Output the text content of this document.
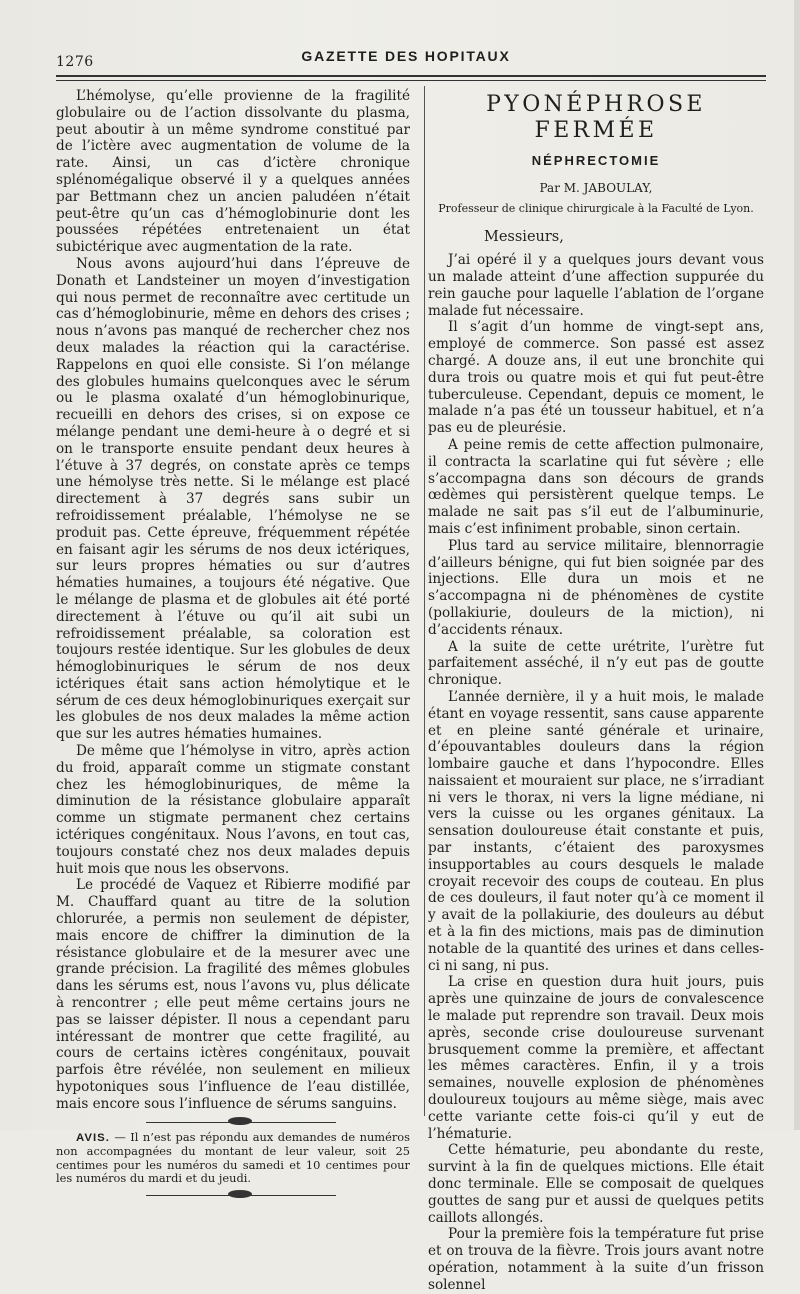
1276	GAZETTE DES HOPITAUX

L’hémolyse, qu’elle provienne de la fragilité globulaire ou de l’action dissolvante du plasma, peut aboutir à un même syndrome constitué par de l’ictère avec augmentation de volume de la rate. Ainsi, un cas d’ictère chronique splénomégalique observé il y a quelques années par Bettmann chez un ancien paludéen n’était peut-être qu’un cas d’hémoglobinurie dont les poussées répétées entretenaient un état subictérique avec augmentation de la rate.

Nous avons aujourd’hui dans l’épreuve de Donath et Landsteiner un moyen d’investigation qui nous permet de reconnaître avec certitude un cas d’hémoglobinurie, même en dehors des crises ; nous n’avons pas manqué de rechercher chez nos deux malades la réaction qui la caractérise. Rappelons en quoi elle consiste. Si l’on mélange des globules humains quelconques avec le sérum ou le plasma oxalaté d’un hémoglobinurique, recueilli en dehors des crises, si on expose ce mélange pendant une demi-heure à o degré et si on le transporte ensuite pendant deux heures à l’étuve à 37 degrés, on constate après ce temps une hémolyse très nette. Si le mélange est placé directement à 37 degrés sans subir un refroidissement préalable, l’hémolyse ne se produit pas. Cette épreuve, fréquemment répétée en faisant agir les sérums de nos deux ictériques, sur leurs propres hématies ou sur d’autres hématies humaines, a toujours été négative. Que le mélange de plasma et de globules ait été porté directement à l’étuve ou qu’il ait subi un refroidissement préalable, sa coloration est toujours restée identique. Sur les globules de deux hémoglobinuriques le sérum de nos deux ictériques était sans action hémolytique et le sérum de ces deux hémoglobinuriques exerçait sur les globules de nos deux malades la même action que sur les autres hématies humaines.

De même que l’hémolyse in vitro, après action du froid, apparaît comme un stigmate constant chez les hémoglobinuriques, de même la diminution de la résistance globulaire apparaît comme un stigmate permanent chez certains ictériques congénitaux. Nous l’avons, en tout cas, toujours constaté chez nos deux malades depuis huit mois que nous les observons.

Le procédé de Vaquez et Ribierre modifié par M. Chauffard quant au titre de la solution chlorurée, a permis non seulement de dépister, mais encore de chiffrer la diminution de la résistance globulaire et de la mesurer avec une grande précision. La fragilité des mêmes globules dans les sérums est, nous l’avons vu, plus délicate à rencontrer ; elle peut même certains jours ne pas se laisser dépister. Il nous a cependant paru intéressant de montrer que cette fragilité, au cours de certains ictères congénitaux, pouvait parfois être révélée, non seulement en milieux hypotoniques sous l’influence de l’eau distillée, mais encore sous l’influence de sérums sanguins.

AVIS. — Il n’est pas répondu aux demandes de numéros non accompagnées du montant de leur valeur, soit 25 centimes pour les numéros du samedi et 10 centimes pour les numéros du mardi et du jeudi.

PYONÉPHROSE FERMÉE
NÉPHRECTOMIE
Par M. JABOULAY,
Professeur de clinique chirurgicale à la Faculté de Lyon.

Messieurs,

J’ai opéré il y a quelques jours devant vous un malade atteint d’une affection suppurée du rein gauche pour laquelle l’ablation de l’organe malade fut nécessaire.

Il s’agit d’un homme de vingt-sept ans, employé de commerce. Son passé est assez chargé. A douze ans, il eut une bronchite qui dura trois ou quatre mois et qui fut peut-être tuberculeuse. Cependant, depuis ce moment, le malade n’a pas été un tousseur habituel, et n’a pas eu de pleurésie.

A peine remis de cette affection pulmonaire, il contracta la scarlatine qui fut sévère ; elle s’accompagna dans son décours de grands œdèmes qui persistèrent quelque temps. Le malade ne sait pas s’il eut de l’albuminurie, mais c’est infiniment probable, sinon certain.

Plus tard au service militaire, blennorragie d’ailleurs bénigne, qui fut bien soignée par des injections. Elle dura un mois et ne s’accompagna ni de phénomènes de cystite (pollakiurie, douleurs de la miction), ni d’accidents rénaux.

A la suite de cette urétrite, l’urètre fut parfaitement asséché, il n’y eut pas de goutte chronique.

L’année dernière, il y a huit mois, le malade étant en voyage ressentit, sans cause apparente et en pleine santé générale et urinaire, d’épouvantables douleurs dans la région lombaire gauche et dans l’hypocondre. Elles naissaient et mouraient sur place, ne s’irradiant ni vers le thorax, ni vers la ligne médiane, ni vers la cuisse ou les organes génitaux. La sensation douloureuse était constante et puis, par instants, c’étaient des paroxysmes insupportables au cours desquels le malade croyait recevoir des coups de couteau. En plus de ces douleurs, il faut noter qu’à ce moment il y avait de la pollakiurie, des douleurs au début et à la fin des mictions, mais pas de diminution notable de la quantité des urines et dans celles-ci ni sang, ni pus.

La crise en question dura huit jours, puis après une quinzaine de jours de convalescence le malade put reprendre son travail. Deux mois après, seconde crise douloureuse survenant brusquement comme la première, et affectant les mêmes caractères. Enfin, il y a trois semaines, nouvelle explosion de phénomènes douloureux toujours au même siège, mais avec cette variante cette fois-ci qu’il y eut de l’hématurie.

Cette hématurie, peu abondante du reste, survint à la fin de quelques mictions. Elle était donc terminale. Elle se composait de quelques gouttes de sang pur et aussi de quelques petits caillots allongés.

Pour la première fois la température fut prise et on trouva de la fièvre. Trois jours avant notre opération, notamment à la suite d’un frisson solennel
